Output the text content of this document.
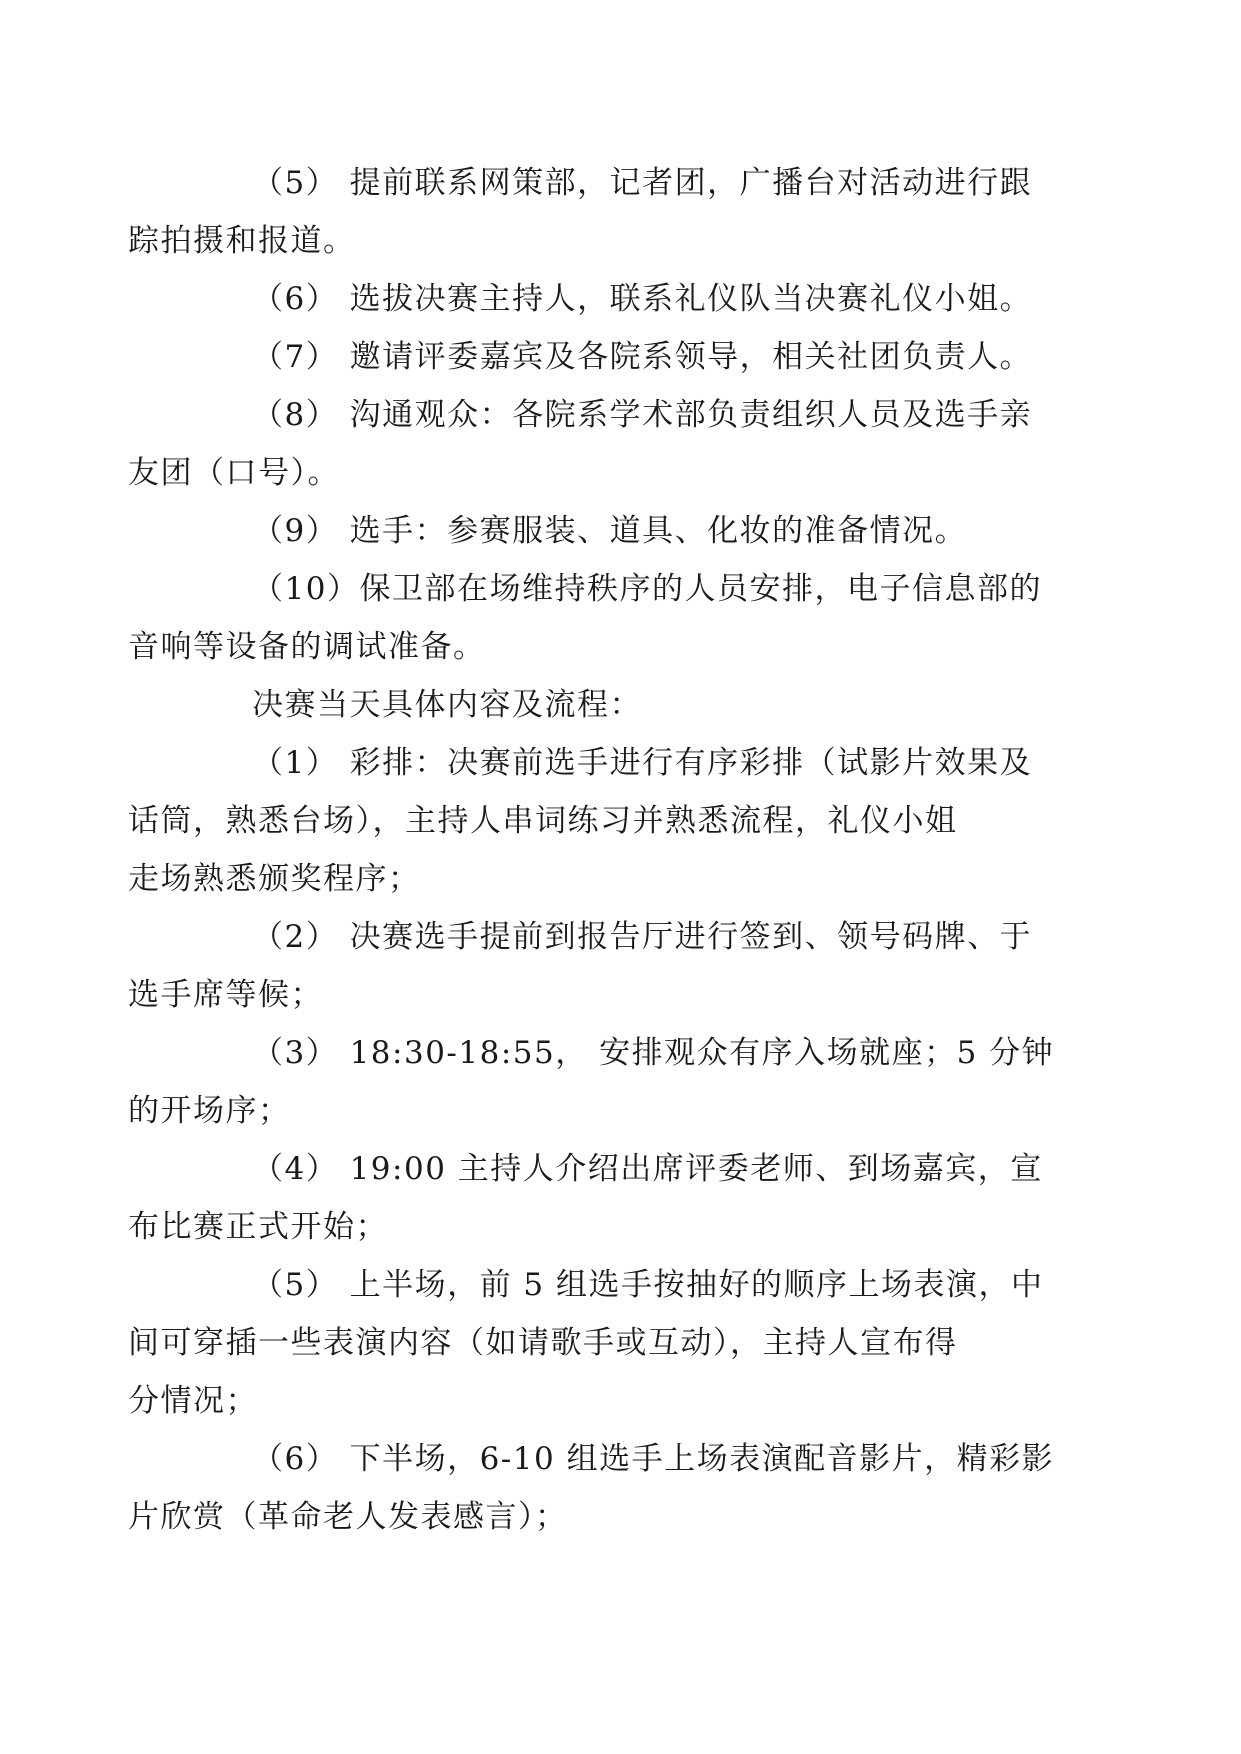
（5） 提前联系网策部，记者团，广播台对活动进行跟
踪拍摄和报道。

（6） 选拔决赛主持人，联系礼仪队当决赛礼仪小姐。

（7） 邀请评委嘉宾及各院系领导，相关社团负责人。

（8） 沟通观众：各院系学术部负责组织人员及选手亲
友团（口号）。

（9） 选手：参赛服装、道具、化妆的准备情况。

（10）保卫部在场维持秩序的人员安排，电子信息部的
音响等设备的调试准备。

决赛当天具体内容及流程：

（1） 彩排：决赛前选手进行有序彩排（试影片效果及
话筒，熟悉台场），主持人串词练习并熟悉流程，礼仪小姐
走场熟悉颁奖程序；

（2） 决赛选手提前到报告厅进行签到、领号码牌、于
选手席等候；

（3） 18:30-18:55， 安排观众有序入场就座；5 分钟
的开场序；

（4） 19:00 主持人介绍出席评委老师、到场嘉宾，宣
布比赛正式开始；

（5） 上半场，前 5 组选手按抽好的顺序上场表演，中
间可穿插一些表演内容（如请歌手或互动），主持人宣布得
分情况；

（6） 下半场，6-10 组选手上场表演配音影片，精彩影
片欣赏（革命老人发表感言）；
